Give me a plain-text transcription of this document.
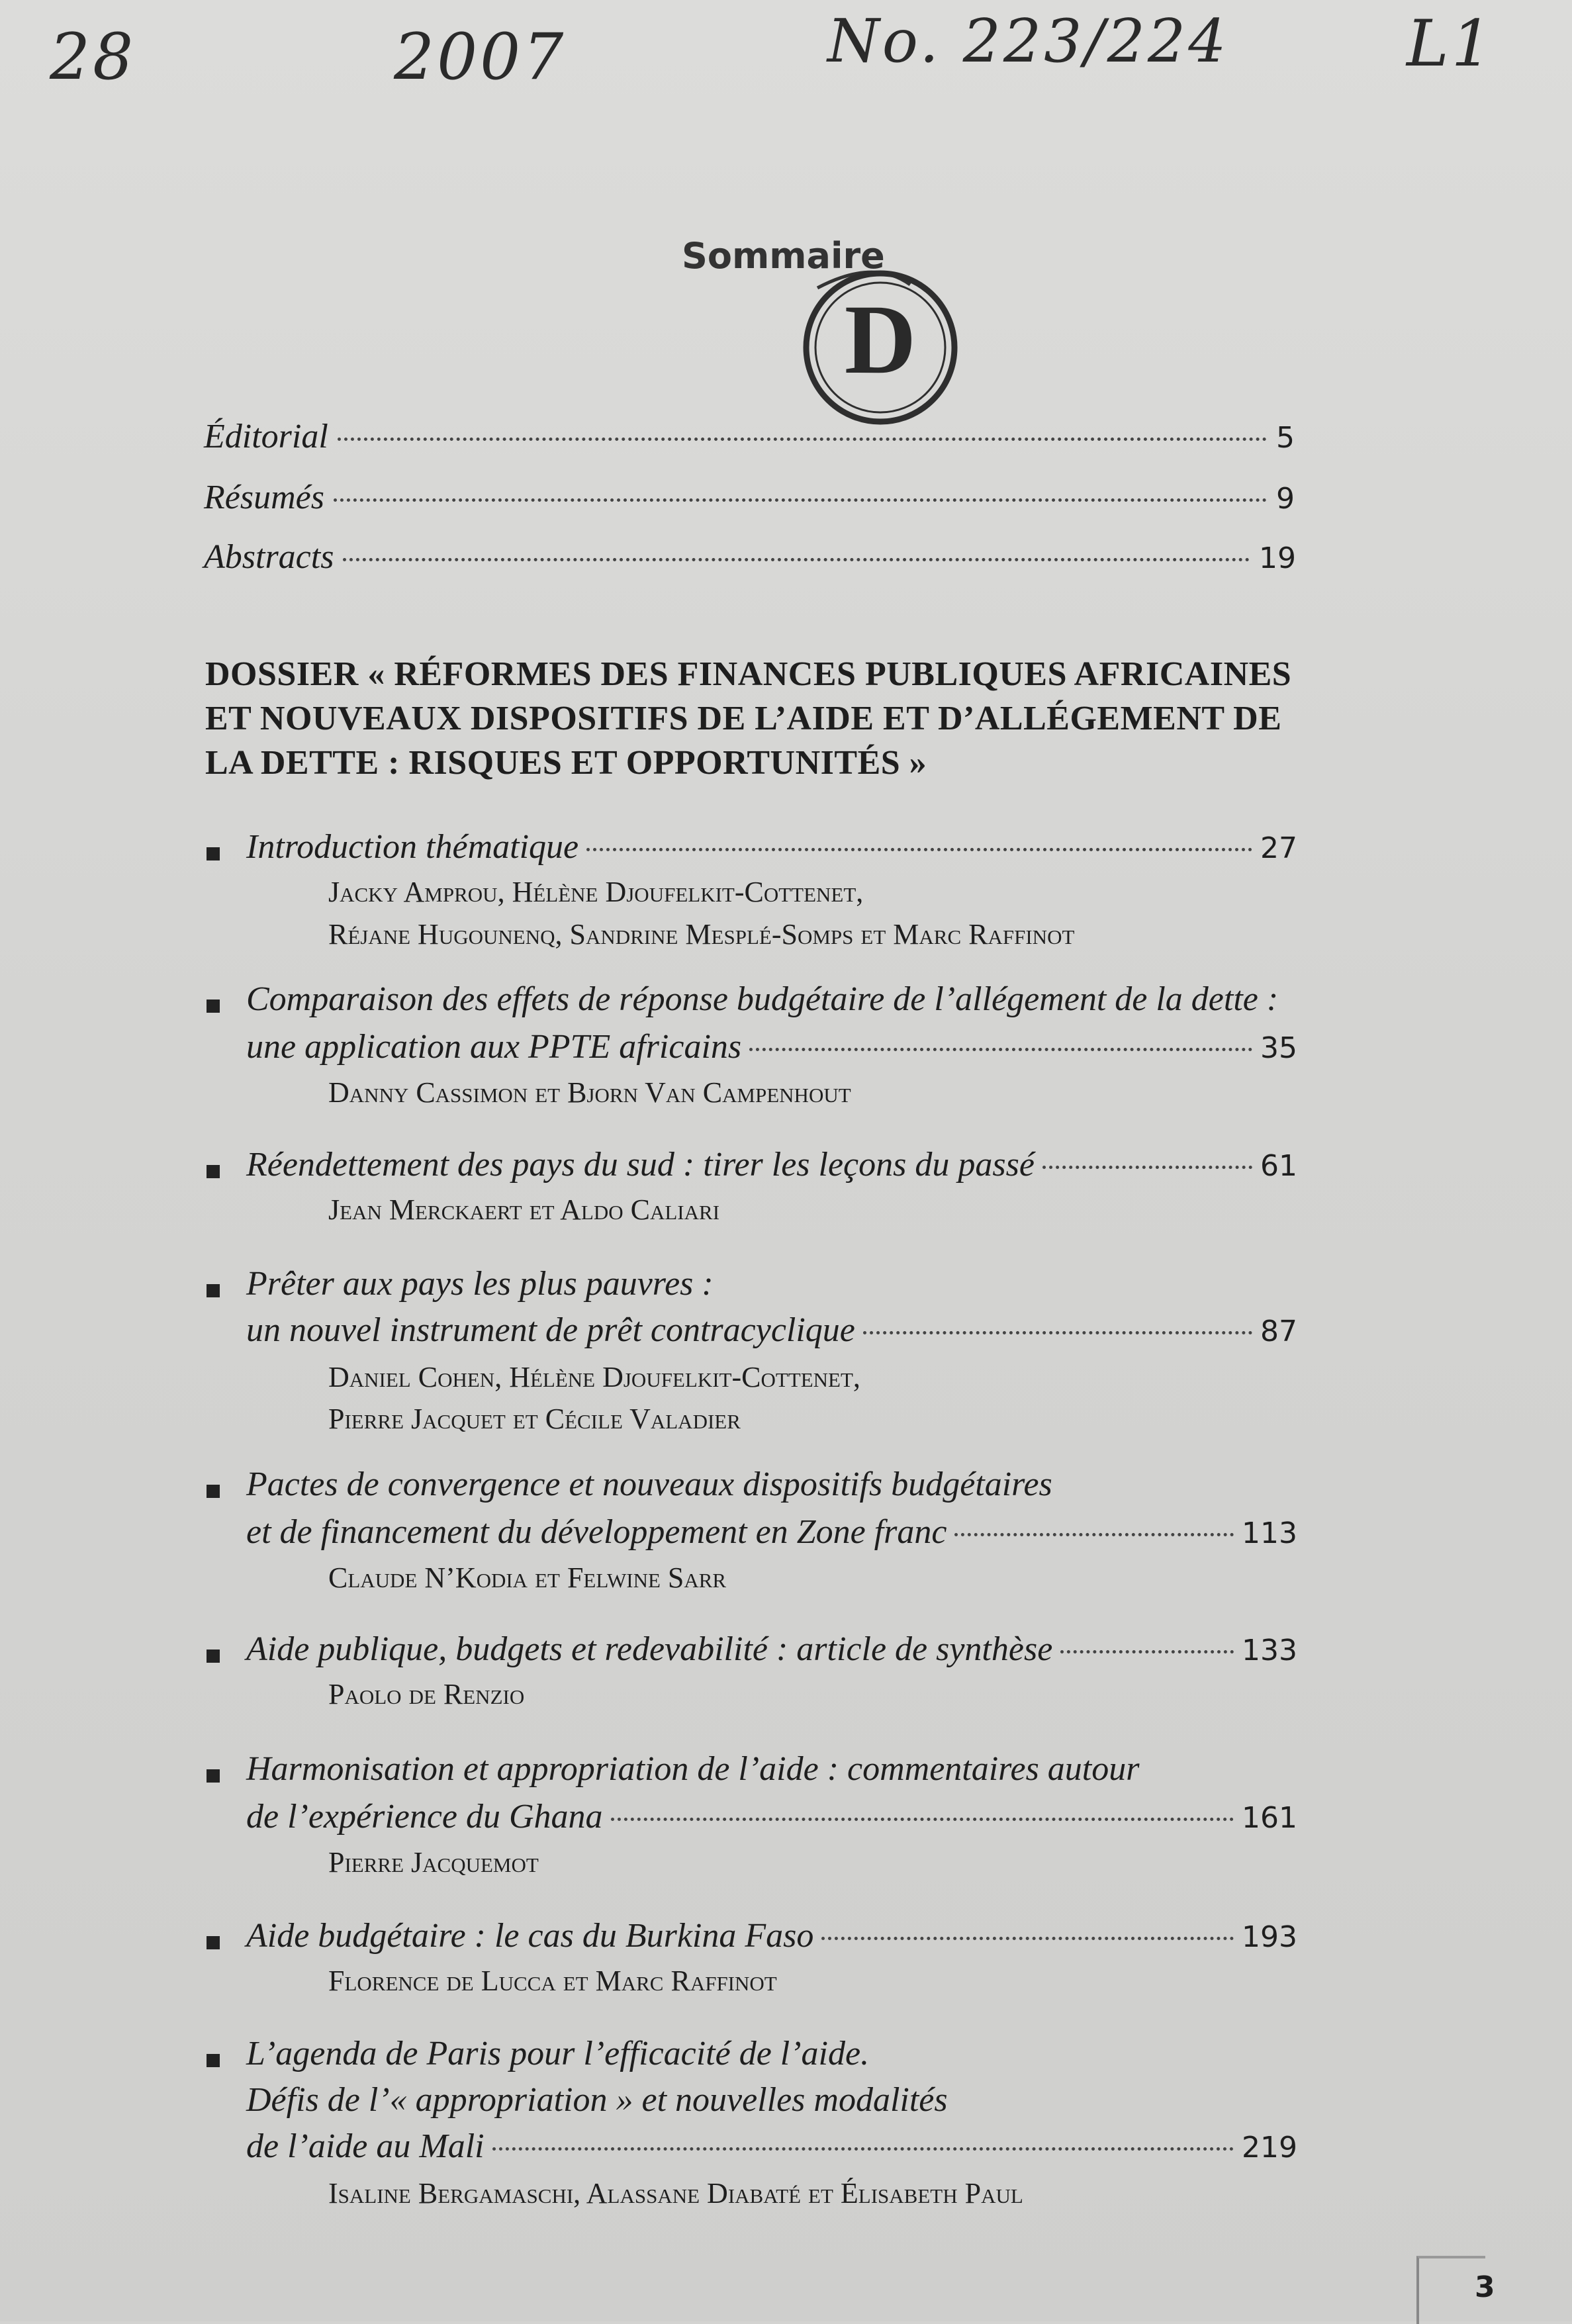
28	2007	No. 223/224	L1
Sommaire
D
Éditorial	5
Résumés	9
Abstracts	19
DOSSIER « RÉFORMES DES FINANCES PUBLIQUES AFRICAINES
ET NOUVEAUX DISPOSITIFS DE L’AIDE ET D’ALLÉGEMENT DE
LA DETTE : RISQUES ET OPPORTUNITÉS »
Introduction thématique	27
Jacky Amprou, Hélène Djoufelkit-Cottenet,
Réjane Hugounenq, Sandrine Mesplé-Somps et Marc Raffinot
Comparaison des effets de réponse budgétaire de l’allégement de la dette :
une application aux PPTE africains	35
Danny Cassimon et Bjorn Van Campenhout
Réendettement des pays du sud : tirer les leçons du passé	61
Jean Merckaert et Aldo Caliari
Prêter aux pays les plus pauvres :
un nouvel instrument de prêt contracyclique	87
Daniel Cohen, Hélène Djoufelkit-Cottenet,
Pierre Jacquet et Cécile Valadier
Pactes de convergence et nouveaux dispositifs budgétaires
et de financement du développement en Zone franc	113
Claude N’Kodia et Felwine Sarr
Aide publique, budgets et redevabilité : article de synthèse	133
Paolo de Renzio
Harmonisation et appropriation de l’aide : commentaires autour
de l’expérience du Ghana	161
Pierre Jacquemot
Aide budgétaire : le cas du Burkina Faso	193
Florence de Lucca et Marc Raffinot
L’agenda de Paris pour l’efficacité de l’aide.
Défis de l’« appropriation » et nouvelles modalités
de l’aide au Mali	219
Isaline Bergamaschi, Alassane Diabaté et Élisabeth Paul
3
